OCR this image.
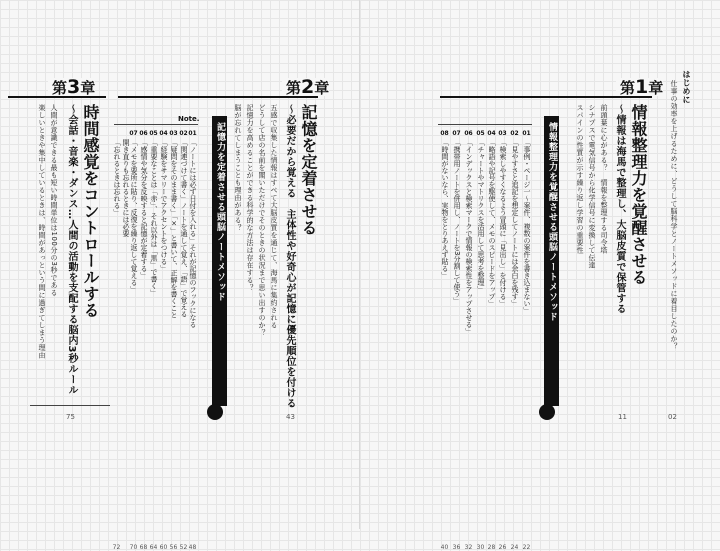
第3章
時間感覚をコントロールする
～会話・音楽・ダンス…人間の活動を支配する脳内3秒ルール
人間が意識できる最も短い時間単位は100分の3秒である
楽しいときや集中しているときは、時間があっという間に過ぎてしまう理由
75
第2章
記憶を定着させる
～必要だから覚える　主体性や好奇心が記憶に優先順位を付ける
43
五感で収集した情報はすべて大脳皮質を通じて、海馬に集約される
どうして店の名前を聞いただけでそのときの状況まで思い出すのか？
記憶力を高めることができる科学的な方法は存在する？
脳が忘れてしまうことも理由がある？
記憶力を定着させる頭脳ノートメソッド
Note.
01
「ノートには必ず日付を入れる」それが記憶のフックになる
48
02
「関連づけて書く」ノートを通して覚え、「語」で覚える
52
03
「疑問をそのまま書く」「×」と書いて、正解を書くこと
56
04
「経験をサマリーでアクセントをつける」
60
05
「重要なことは「赤」、それ以外は「黒」で書く」
64
06
「感情や気分を反映すると記憶が定着する」
68
07
「メモを要所に貼り、反復を繰り返して覚える」
70
開き直りも忘れるときには必要
「忘れるときは忘れる」
72
はじめに
仕事の効率を上げるために、どうして脳科学とノートメソッドに着目したのか？
02
第1章
情報整理力を覚醒させる
～情報は海馬で整理し、大脳皮質で保管する
11
前頭葉に心がある？　情報を整理する司令塔
シナプスで電気信号から化学信号に変換して伝達
スパインの性質が示す繰り返し学習の重要性
情報整理力を覚醒させる頭脳ノートメソッド
01
「事例・ページ一～案件、複数の案件を書き込まない」
22
02
「見やすさと追記を想定してノートには余白を残す」
24
03
「検索しやすくなるよう冒頭に「見出し」を付ける」
26
04
「略語や記号を駆使して、メモのスピードをアップ」
28
05
「チャートやマトリクスを活用して思考を整理」
30
06
「インデックスと検索マークで情報の検索性をアップさせる」
32
07
「携帯用ノートを併用し、ノートを3分割して使う」
36
08
「時間がないなら、実物をとりあえず貼る」
40
